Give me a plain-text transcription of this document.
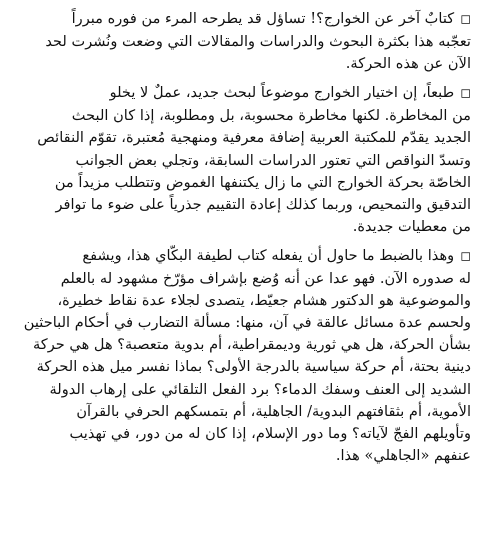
◻كتابٌ آخر عن الخوارج؟! تساؤل قد يطرحه المرء من فوره مبرراً
تعجّبه هذا بكثرة البحوث والدراسات والمقالات التي وضعت ونُشرت لحد
الآن عن هذه الحركة.
◻طبعاً، إن اختيار الخوارج موضوعاً لبحث جديد، عملٌ لا يخلو
من المخاطرة. لكنها مخاطرة محسوبة، بل ومطلوبة، إذا كان البحث
الجديد يقدّم للمكتبة العربية إضافة معرفية ومنهجية مُعتبرة، تقوّم النقائص
وتسدّ النواقص التي تعتور الدراسات السابقة، وتجلي بعض الجوانب
الخاصّة بحركة الخوارج التي ما زال يكتنفها الغموض وتتطلب مزيداً من
التدقيق والتمحيص، وربما كذلك إعادة التقييم جذرياً على ضوء ما توافر
من معطيات جديدة.
◻وهذا بالضبط ما حاول أن يفعله كتاب لطيفة البكّاي هذا، ويشفع
له صدوره الآن. فهو عدا عن أنه وُضع بإشراف مؤرّخ مشهود له بالعلم
والموضوعية هو الدكتور هشام جعيّط، يتصدى لجلاء عدة نقاط خطيرة،
ولحسم عدة مسائل عالقة في آن، منها: مسألة التضارب في أحكام الباحثين
بشأن الحركة، هل هي ثورية وديمقراطية، أم بدوية متعصبة؟ هل هي حركة
دينية بحتة، أم حركة سياسية بالدرجة الأولى؟ بماذا نفسر ميل هذه الحركة
الشديد إلى العنف وسفك الدماء؟ برد الفعل التلقائي على إرهاب الدولة
الأموية، أم بثقافتهم البدوية/ الجاهلية، أم بتمسكهم الحرفي بالقرآن
وتأويلهم الفجّ لآياته؟ وما دور الإسلام، إذا كان له من دور، في تهذيب
عنفهم «الجاهلي» هذا.
